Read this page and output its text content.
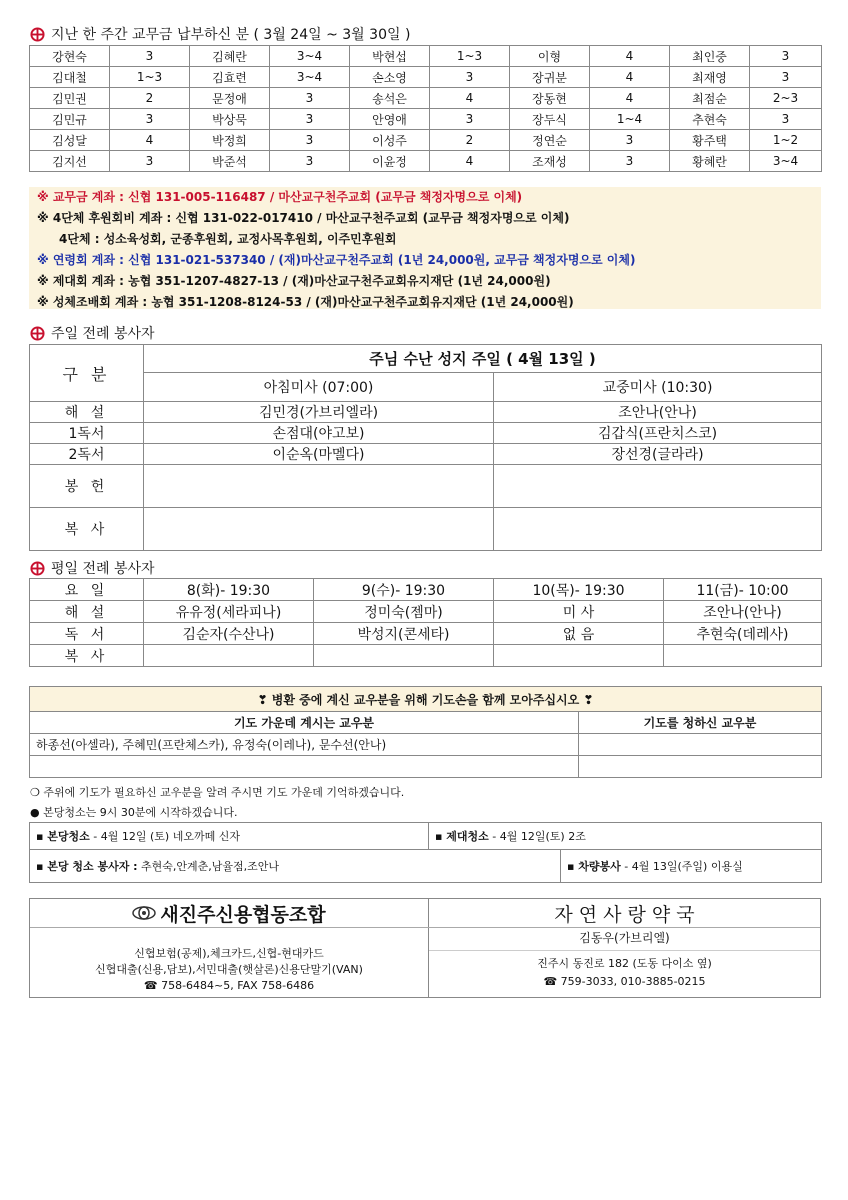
지난 한 주간 교무금 납부하신 분 ( 3월 24일 ~ 3월 30일 )
강현숙	3	김혜란	3~4	박현섭	1~3	이형	4	최인중	3
김대철	1~3	김효련	3~4	손소영	3	장귀분	4	최재영	3
김민권	2	문정애	3	송석은	4	장동현	4	최점순	2~3
김민규	3	박상묵	3	안영애	3	장두식	1~4	추현숙	3
김성달	4	박정희	3	이성주	2	정연순	3	황주택	1~2
김지선	3	박준석	3	이윤정	4	조재성	3	황혜란	3~4
※ 교무금 계좌 : 신협 131-005-116487 / 마산교구천주교회 (교무금 책정자명으로 이체)
※ 4단체 후원회비 계좌 : 신협 131-022-017410 / 마산교구천주교회 (교무금 책정자명으로 이체)
4단체 : 성소육성회, 군종후원회, 교정사목후원회, 이주민후원회
※ 연령회 계좌 : 신협 131-021-537340 / (재)마산교구천주교회 (1년 24,000원, 교무금 책정자명으로 이체)
※ 제대회 계좌 : 농협 351-1207-4827-13 / (재)마산교구천주교회유지재단 (1년 24,000원)
※ 성체조배회 계좌 : 농협 351-1208-8124-53 / (재)마산교구천주교회유지재단 (1년 24,000원)
주일 전례 봉사자
구 분	주님 수난 성지 주일 ( 4월 13일 )	
	아침미사 (07:00)	교중미사 (10:30)
해 설	김민경(가브리엘라)	조안나(안나)
1독서	손점대(야고보)	김갑식(프란치스코)
2독서	이순옥(마멜다)	장선경(글라라)
봉 헌		
복 사		
평일 전례 봉사자
요 일	8(화)- 19:30	9(수)- 19:30	10(목)- 19:30	11(금)- 10:00
해 설	유유정(세라피나)	정미숙(젬마)	미 사	조안나(안나)
독 서	김순자(수산나)	박성지(콘세타)	없 음	추현숙(데레사)
복 사				
❣ 병환 중에 계신 교우분을 위해 기도손을 함께 모아주십시오 ❣	
기도 가운데 계시는 교우분	기도를 청하신 교우분
하종선(아셀라), 주혜민(프란체스카), 유정숙(이레나), 문수선(안나)	

❍ 주위에 기도가 필요하신 교우분을 알려 주시면 기도 가운데 기억하겠습니다.
● 본당청소는 9시 30분에 시작하겠습니다.
▪ 본당청소 - 4월 12일 (토) 네오까떼 신자	▪ 제대청소 - 4월 12일(토) 2조	
▪ 본당 청소 봉사자 : 추현숙,안계춘,남율점,조안나		▪ 차량봉사 - 4월 13일(주일) 이용실
새진주신용협동조합
신협보험(공제),체크카드,신협-현대카드
신협대출(신용,담보),서민대출(햇살론)신용단말기(VAN)
☎ 758-6484~5, FAX 758-6486
자 연 사 랑 약 국
김동우(가브리엘)
진주시 동진로 182 (도동 다이소 옆)
☎ 759-3033, 010-3885-0215
